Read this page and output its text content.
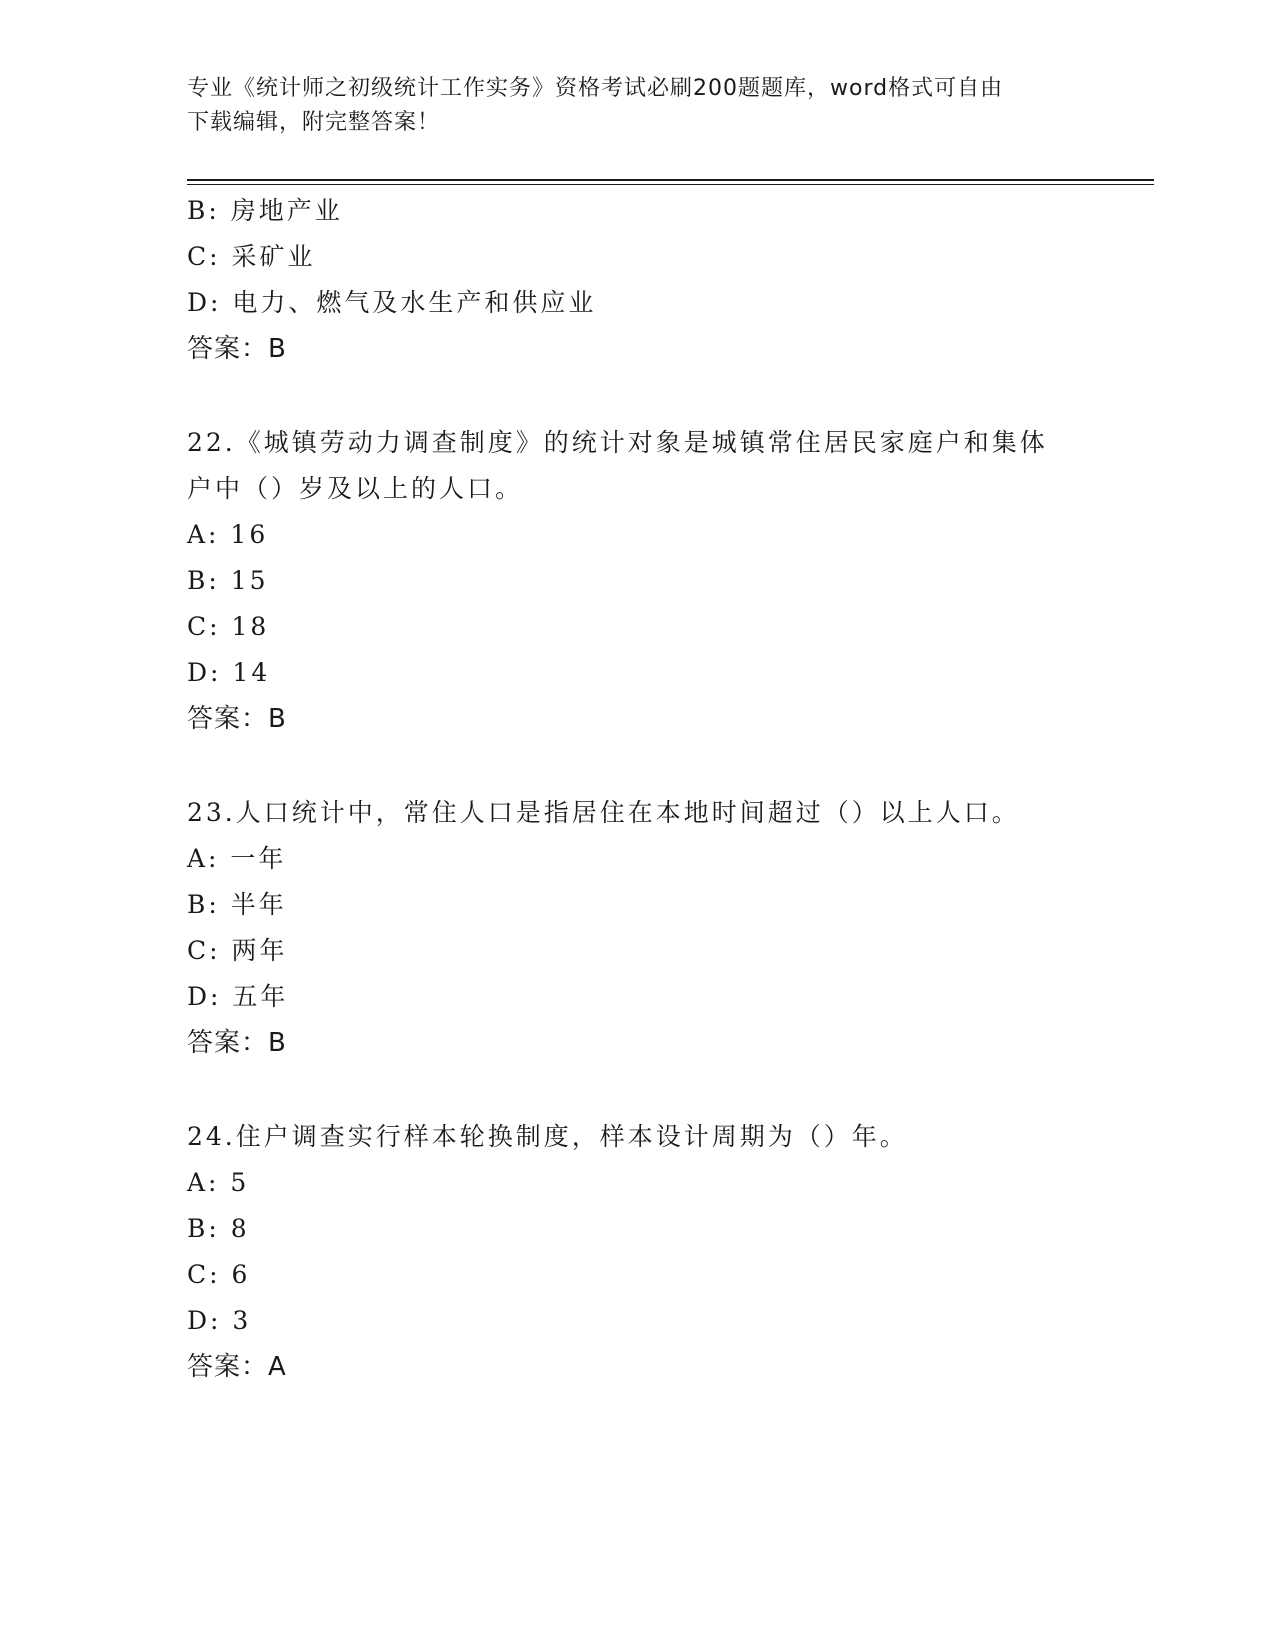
专业《统计师之初级统计工作实务》资格考试必刷200题题库，word格式可自由
下载编辑，附完整答案！
B: 房地产业
C: 采矿业
D: 电力、燃气及水生产和供应业
答案：B
22.《城镇劳动力调查制度》的统计对象是城镇常住居民家庭户和集体
户中（）岁及以上的人口。
A: 16
B: 15
C: 18
D: 14
答案：B
23.人口统计中，常住人口是指居住在本地时间超过（）以上人口。
A: 一年
B: 半年
C: 两年
D: 五年
答案：B
24.住户调查实行样本轮换制度，样本设计周期为（）年。
A: 5
B: 8
C: 6
D: 3
答案：A
